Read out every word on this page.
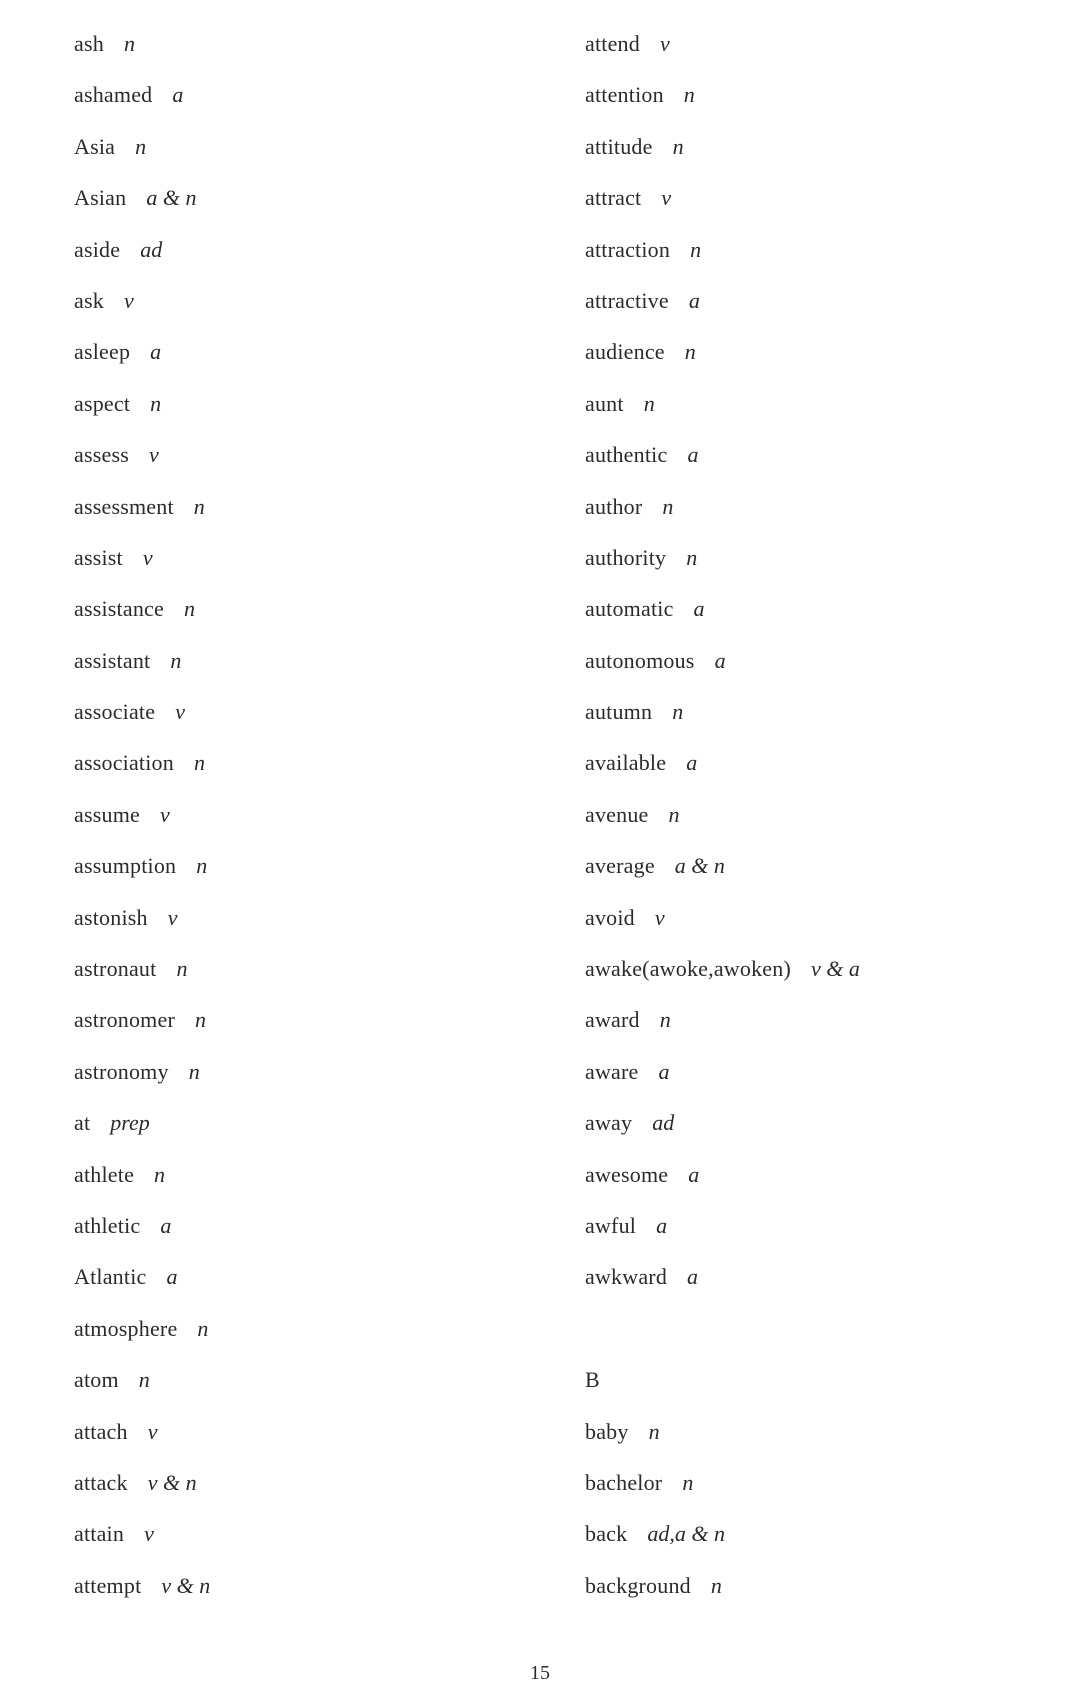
ash n
ashamed a
Asia n
Asian a & n
aside ad
ask v
asleep a
aspect n
assess v
assessment n
assist v
assistance n
assistant n
associate v
association n
assume v
assumption n
astonish v
astronaut n
astronomer n
astronomy n
at prep
athlete n
athletic a
Atlantic a
atmosphere n
atom n
attach v
attack v & n
attain v
attempt v & n
attend v
attention n
attitude n
attract v
attraction n
attractive a
audience n
aunt n
authentic a
author n
authority n
automatic a
autonomous a
autumn n
available a
avenue n
average a & n
avoid v
awake(awoke,awoken) v & a
award n
aware a
away ad
awesome a
awful a
awkward a
B
baby n
bachelor n
back ad,a & n
background n
15
